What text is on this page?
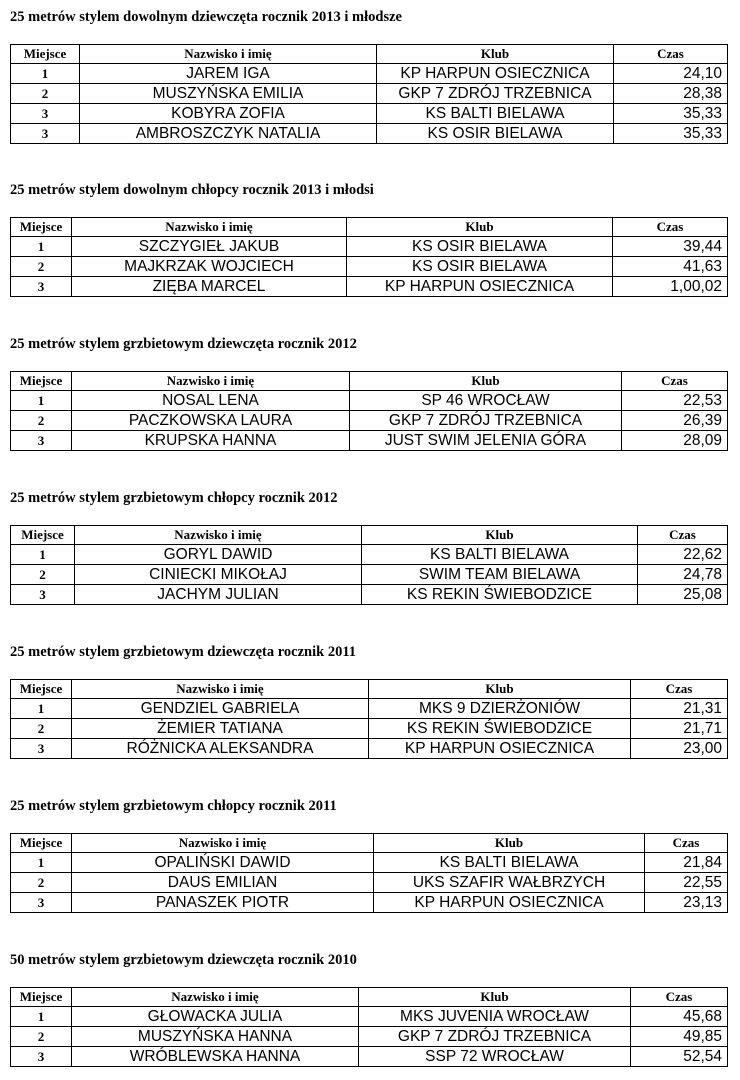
25 metrów stylem dowolnym dziewczęta rocznik 2013 i młodsze
Miejsce	Nazwisko i imię	Klub	Czas
1	JAREM IGA	KP HARPUN OSIECZNICA	24,10
2	MUSZYŃSKA EMILIA	GKP 7 ZDRÓJ TRZEBNICA	28,38
3	KOBYRA ZOFIA	KS BALTI BIELAWA	35,33
3	AMBROSZCZYK NATALIA	KS OSIR BIELAWA	35,33
25 metrów stylem dowolnym chłopcy rocznik 2013 i młodsi
Miejsce	Nazwisko i imię	Klub	Czas
1	SZCZYGIEŁ JAKUB	KS OSIR BIELAWA	39,44
2	MAJKRZAK WOJCIECH	KS OSIR BIELAWA	41,63
3	ZIĘBA MARCEL	KP HARPUN OSIECZNICA	1,00,02
25 metrów stylem grzbietowym dziewczęta rocznik 2012
Miejsce	Nazwisko i imię	Klub	Czas
1	NOSAL LENA	SP 46 WROCŁAW	22,53
2	PACZKOWSKA LAURA	GKP 7 ZDRÓJ TRZEBNICA	26,39
3	KRUPSKA HANNA	JUST SWIM JELENIA GÓRA	28,09
25 metrów stylem grzbietowym chłopcy rocznik 2012
Miejsce	Nazwisko i imię	Klub	Czas
1	GORYL DAWID	KS BALTI BIELAWA	22,62
2	CINIECKI MIKOŁAJ	SWIM TEAM BIELAWA	24,78
3	JACHYM JULIAN	KS REKIN ŚWIEBODZICE	25,08
25 metrów stylem grzbietowym dziewczęta rocznik 2011
Miejsce	Nazwisko i imię	Klub	Czas
1	GENDZIEL GABRIELA	MKS 9 DZIERŻONIÓW	21,31
2	ŻEMIER TATIANA	KS REKIN ŚWIEBODZICE	21,71
3	RÓŻNICKA ALEKSANDRA	KP HARPUN OSIECZNICA	23,00
25 metrów stylem grzbietowym chłopcy rocznik 2011
Miejsce	Nazwisko i imię	Klub	Czas
1	OPALIŃSKI DAWID	KS BALTI BIELAWA	21,84
2	DAUS EMILIAN	UKS SZAFIR WAŁBRZYCH	22,55
3	PANASZEK PIOTR	KP HARPUN OSIECZNICA	23,13
50 metrów stylem grzbietowym dziewczęta rocznik 2010
Miejsce	Nazwisko i imię	Klub	Czas
1	GŁOWACKA JULIA	MKS JUVENIA WROCŁAW	45,68
2	MUSZYŃSKA HANNA	GKP 7 ZDRÓJ TRZEBNICA	49,85
3	WRÓBLEWSKA HANNA	SSP 72 WROCŁAW	52,54
